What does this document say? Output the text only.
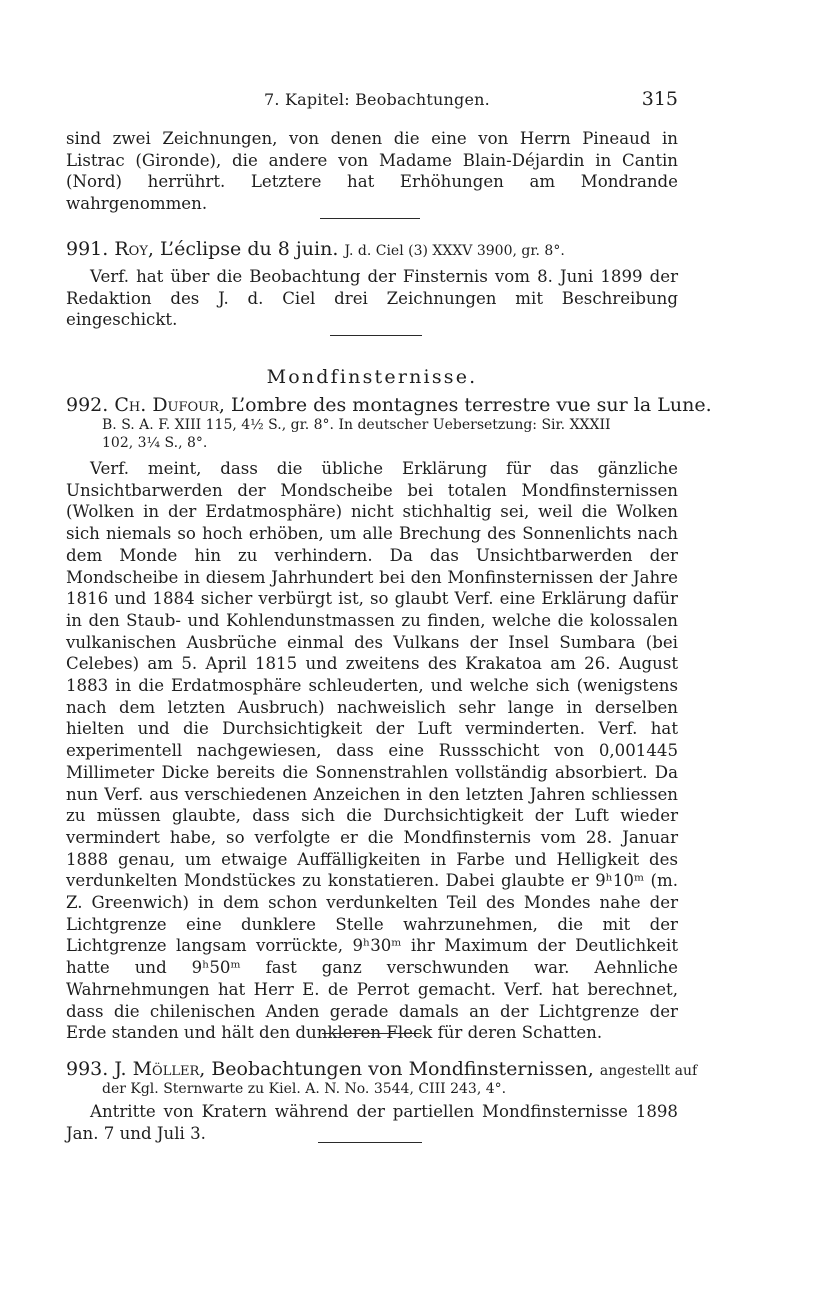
7. Kapitel: Beobachtungen.	315

sind zwei Zeichnungen, von denen die eine von Herrn Pineaud in Listrac (Gironde), die andere von Madame Blain-Déjardin in Cantin (Nord) herrührt. Letztere hat Erhöhungen am Mondrande wahrgenommen.

991. Roy, L’éclipse du 8 juin. J. d. Ciel (3) XXXV 3900, gr. 8°.

Verf. hat über die Beobachtung der Finsternis vom 8. Juni 1899 der Redaktion des J. d. Ciel drei Zeichnungen mit Beschreibung eingeschickt.

Mondfinsternisse.
992. Ch. Dufour, L’ombre des montagnes terrestre vue sur la Lune.
B. S. A. F. XIII 115, 4½ S., gr. 8°. In deutscher Uebersetzung: Sir. XXXII
102, 3¼ S., 8°.

Verf. meint, dass die übliche Erklärung für das gänzliche Unsichtbarwerden der Mondscheibe bei totalen Mondfinsternissen (Wolken in der Erdatmosphäre) nicht stichhaltig sei, weil die Wolken sich niemals so hoch erhöben, um alle Brechung des Sonnenlichts nach dem Monde hin zu verhindern. Da das Unsichtbarwerden der Mondscheibe in diesem Jahrhundert bei den Monfinsternissen der Jahre 1816 und 1884 sicher verbürgt ist, so glaubt Verf. eine Erklärung dafür in den Staub- und Kohlendunstmassen zu finden, welche die kolossalen vulkanischen Ausbrüche einmal des Vulkans der Insel Sumbara (bei Celebes) am 5. April 1815 und zweitens des Krakatoa am 26. August 1883 in die Erdatmosphäre schleuderten, und welche sich (wenigstens nach dem letzten Ausbruch) nachweislich sehr lange in derselben hielten und die Durchsichtigkeit der Luft verminderten. Verf. hat experimentell nachgewiesen, dass eine Russschicht von 0,001445 Millimeter Dicke bereits die Sonnenstrahlen vollständig absorbiert. Da nun Verf. aus verschiedenen Anzeichen in den letzten Jahren schliessen zu müssen glaubte, dass sich die Durchsichtigkeit der Luft wieder vermindert habe, so verfolgte er die Mondfinsternis vom 28. Januar 1888 genau, um etwaige Auffälligkeiten in Farbe und Helligkeit des verdunkelten Mondstückes zu konstatieren. Dabei glaubte er 9ʰ10ᵐ (m. Z. Greenwich) in dem schon verdunkelten Teil des Mondes nahe der Lichtgrenze eine dunklere Stelle wahrzunehmen, die mit der Lichtgrenze langsam vorrückte, 9ʰ30ᵐ ihr Maximum der Deutlichkeit hatte und 9ʰ50ᵐ fast ganz verschwunden war. Aehnliche Wahrnehmungen hat Herr E. de Perrot gemacht. Verf. hat berechnet, dass die chilenischen Anden gerade damals an der Lichtgrenze der Erde standen und hält den dunkleren Fleck für deren Schatten.

993. J. Möller, Beobachtungen von Mondfinsternissen, angestellt auf
der Kgl. Sternwarte zu Kiel. A. N. No. 3544, CIII 243, 4°.

Antritte von Kratern während der partiellen Mondfinsternisse 1898 Jan. 7 und Juli 3.
